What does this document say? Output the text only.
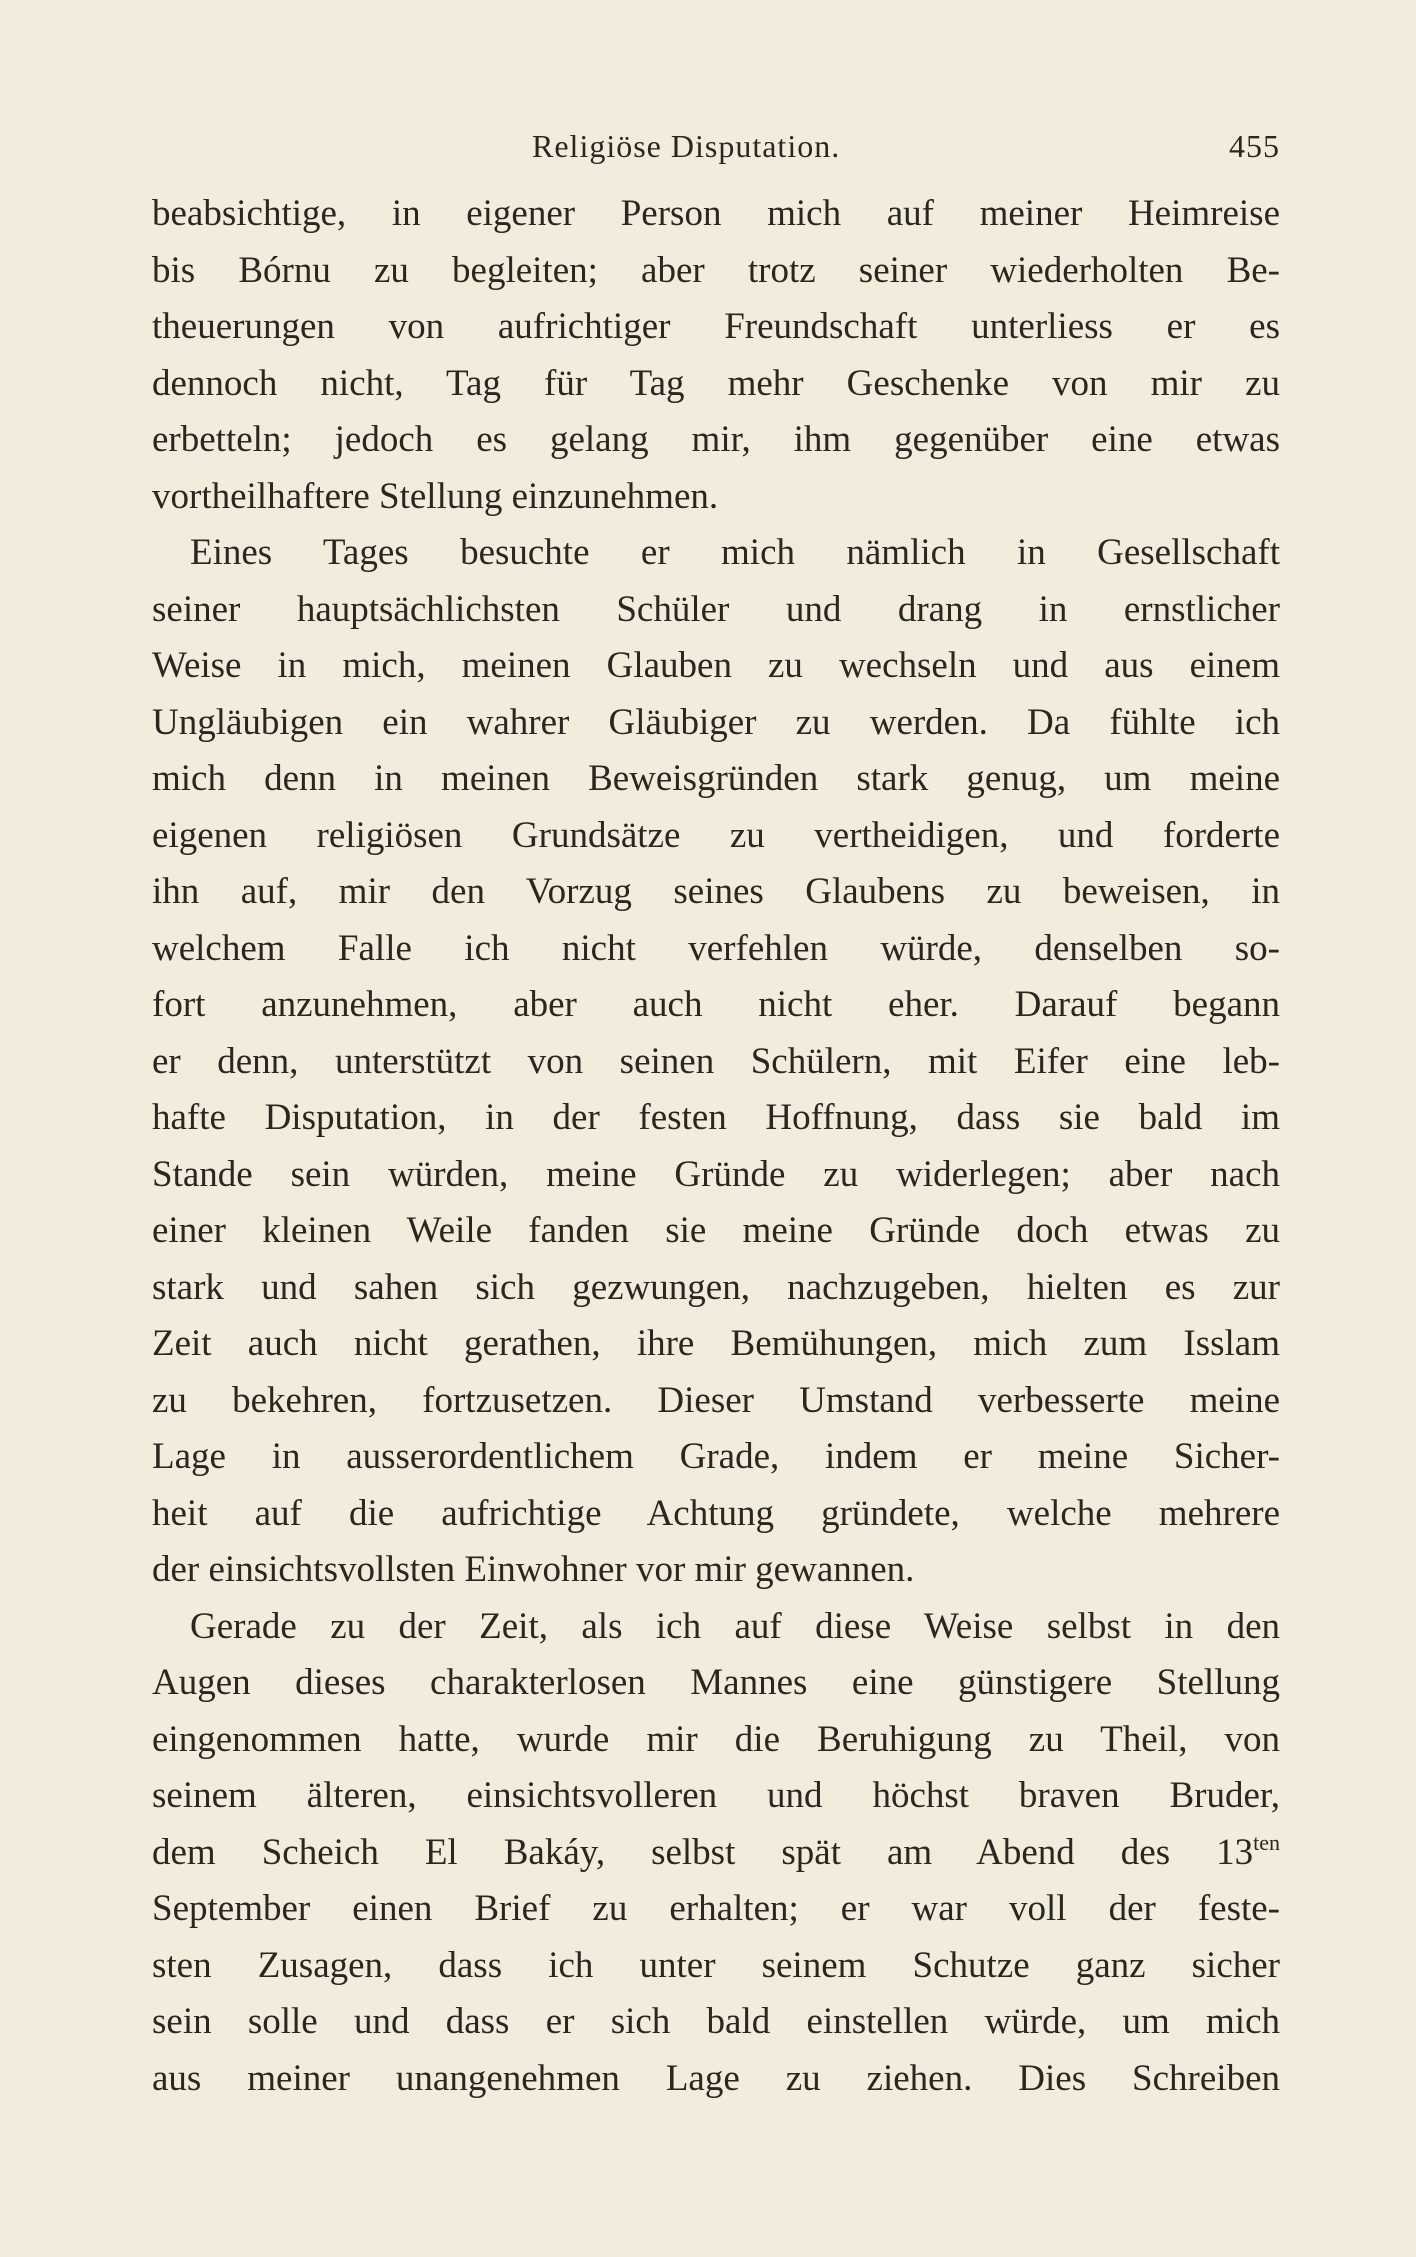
Religiöse Disputation.	455
beabsichtige, in eigener Person mich auf meiner Heimreise
bis Bórnu zu begleiten; aber trotz seiner wiederholten Be-
theuerungen von aufrichtiger Freundschaft unterliess er es
dennoch nicht, Tag für Tag mehr Geschenke von mir zu
erbetteln; jedoch es gelang mir, ihm gegenüber eine etwas
vortheilhaftere Stellung einzunehmen.
Eines Tages besuchte er mich nämlich in Gesellschaft
seiner hauptsächlichsten Schüler und drang in ernstlicher
Weise in mich, meinen Glauben zu wechseln und aus einem
Ungläubigen ein wahrer Gläubiger zu werden. Da fühlte ich
mich denn in meinen Beweisgründen stark genug, um meine
eigenen religiösen Grundsätze zu vertheidigen, und forderte
ihn auf, mir den Vorzug seines Glaubens zu beweisen, in
welchem Falle ich nicht verfehlen würde, denselben so-
fort anzunehmen, aber auch nicht eher. Darauf begann
er denn, unterstützt von seinen Schülern, mit Eifer eine leb-
hafte Disputation, in der festen Hoffnung, dass sie bald im
Stande sein würden, meine Gründe zu widerlegen; aber nach
einer kleinen Weile fanden sie meine Gründe doch etwas zu
stark und sahen sich gezwungen, nachzugeben, hielten es zur
Zeit auch nicht gerathen, ihre Bemühungen, mich zum Isslam
zu bekehren, fortzusetzen. Dieser Umstand verbesserte meine
Lage in ausserordentlichem Grade, indem er meine Sicher-
heit auf die aufrichtige Achtung gründete, welche mehrere
der einsichtsvollsten Einwohner vor mir gewannen.
Gerade zu der Zeit, als ich auf diese Weise selbst in den
Augen dieses charakterlosen Mannes eine günstigere Stellung
eingenommen hatte, wurde mir die Beruhigung zu Theil, von
seinem älteren, einsichtsvolleren und höchst braven Bruder,
dem Scheich El Bakáy, selbst spät am Abend des $13^{ten}$
September einen Brief zu erhalten; er war voll der feste-
sten Zusagen, dass ich unter seinem Schutze ganz sicher
sein solle und dass er sich bald einstellen würde, um mich
aus meiner unangenehmen Lage zu ziehen. Dies Schreiben
